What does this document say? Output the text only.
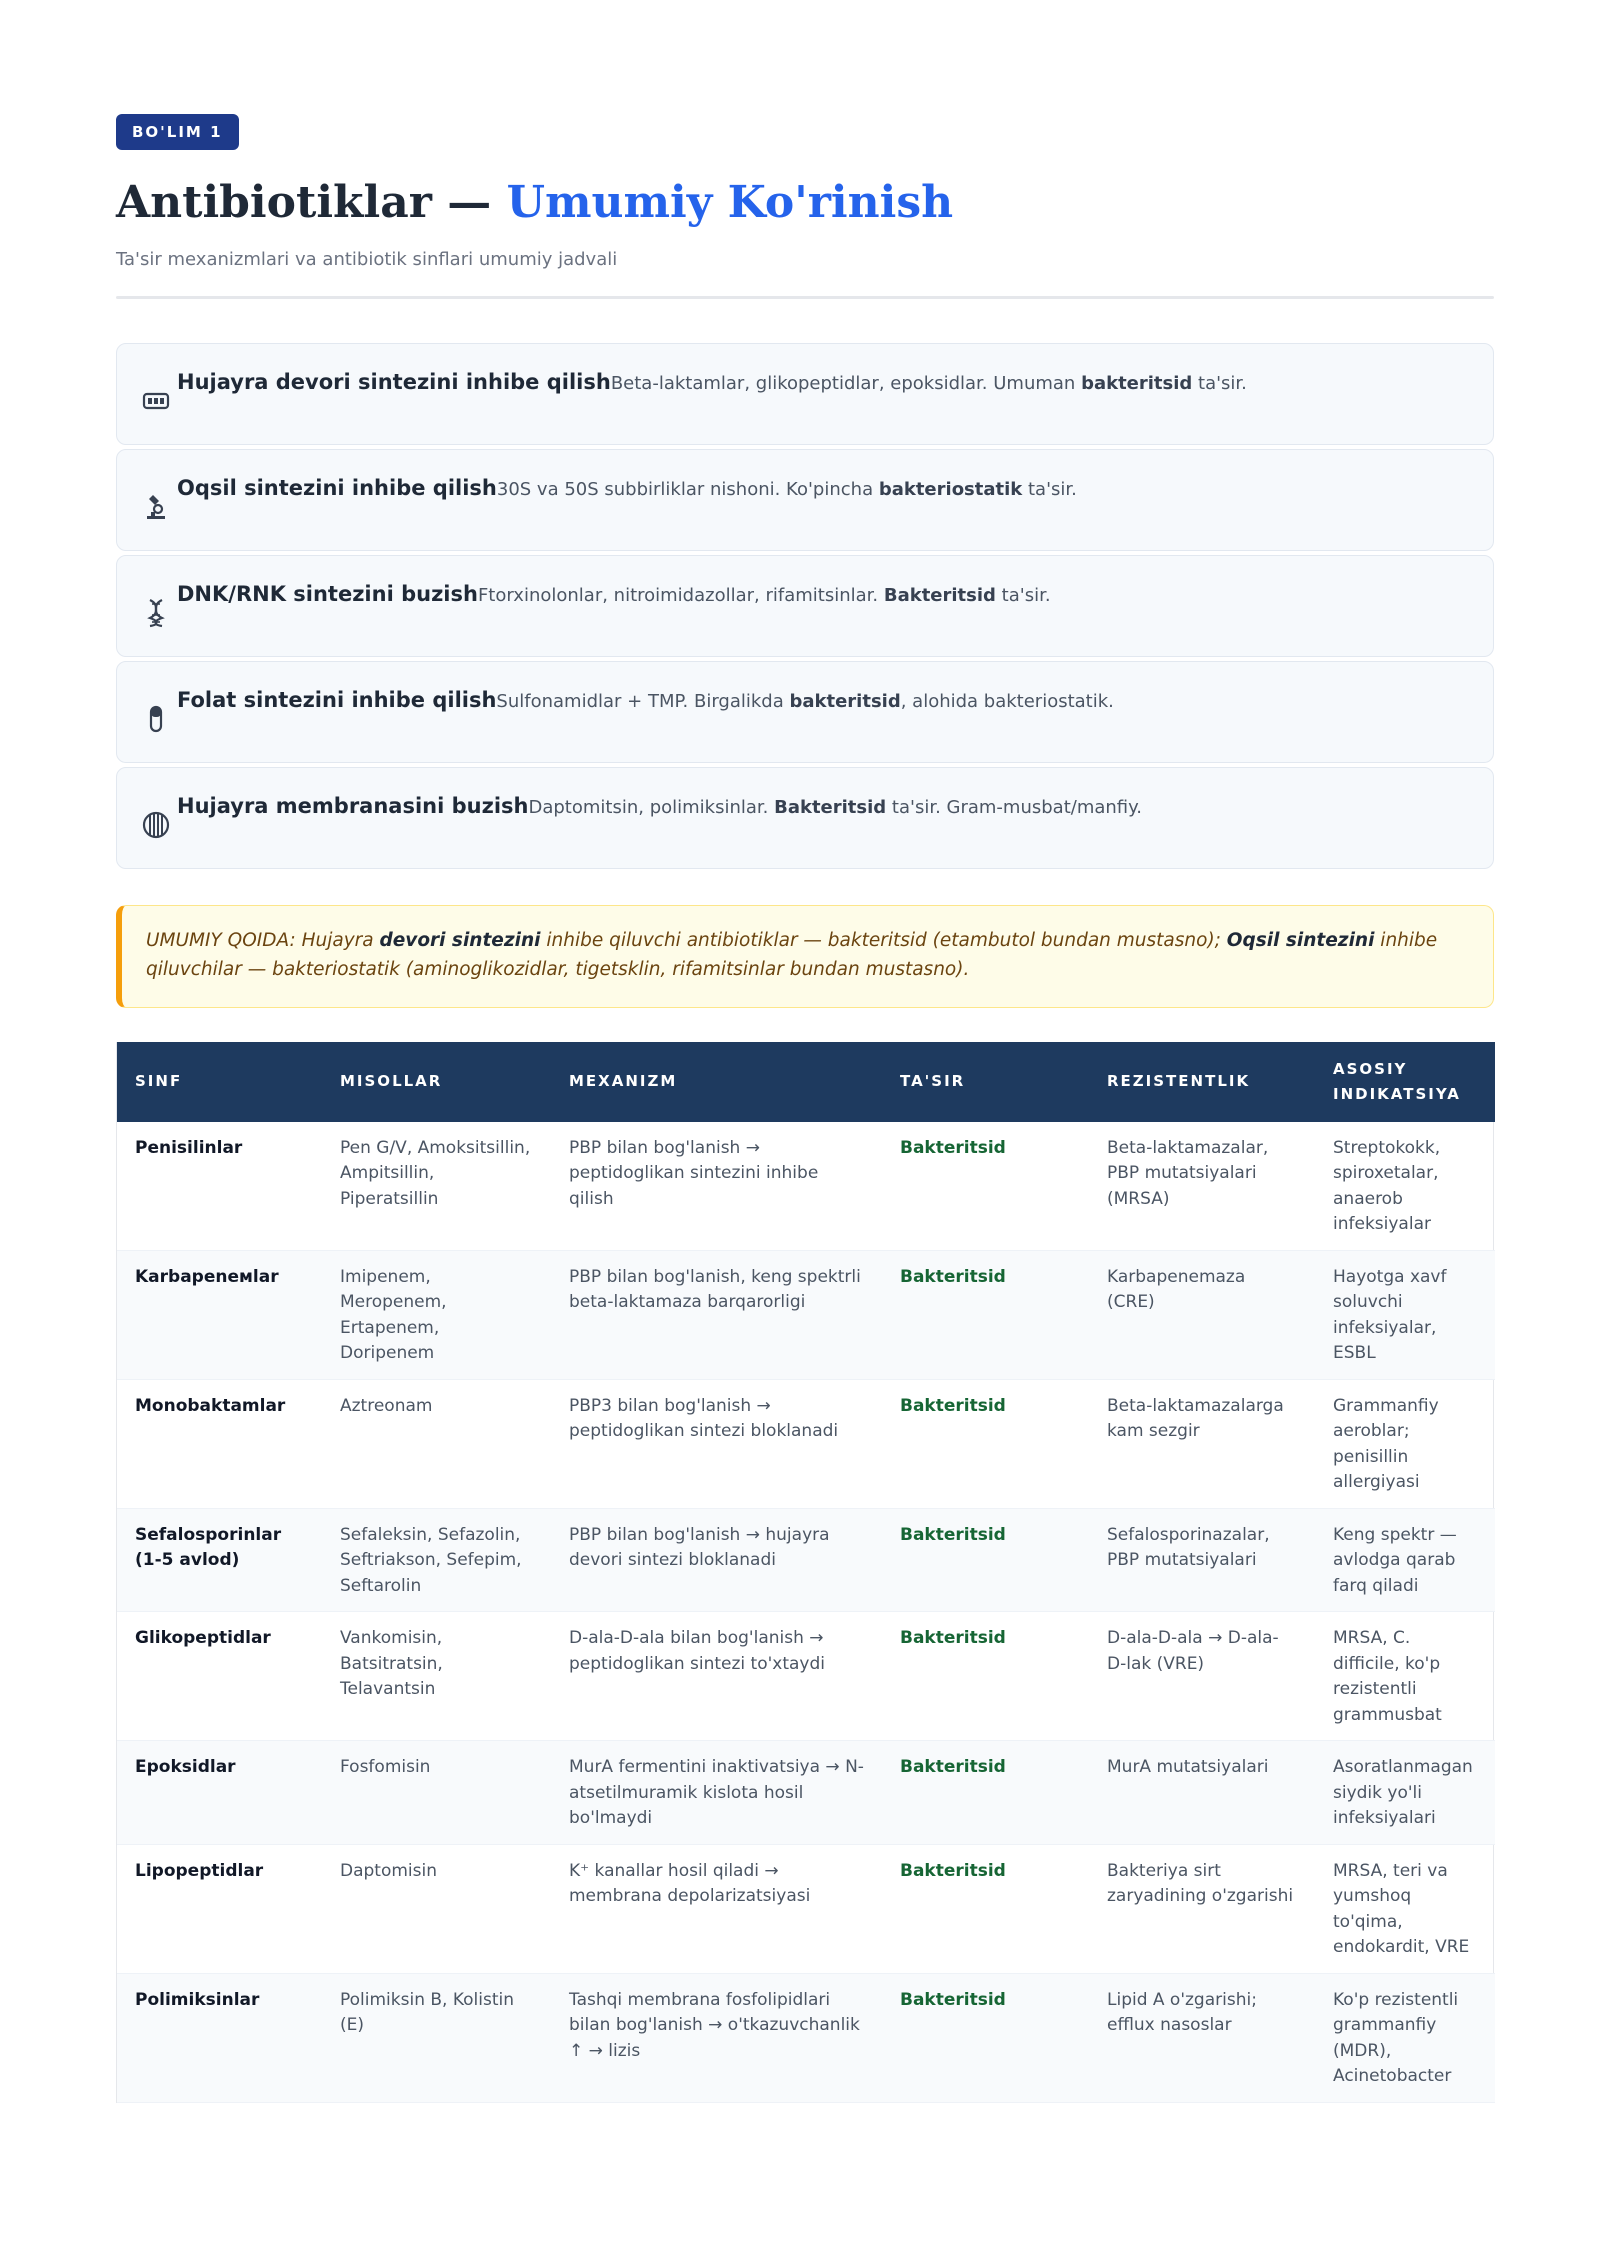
BO'LIM 1
Antibiotiklar — Umumiy Ko'rinish
Ta'sir mexanizmlari va antibiotik sinflari umumiy jadvali
Hujayra devori sintezini inhibe qilishBeta-laktamlar, glikopeptidlar, epoksidlar. Umuman bakteritsid ta'sir.
Oqsil sintezini inhibe qilish30S va 50S subbirliklar nishoni. Ko'pincha bakteriostatik ta'sir.
DNK/RNK sintezini buzishFtorxinolonlar, nitroimidazollar, rifamitsinlar. Bakteritsid ta'sir.
Folat sintezini inhibe qilishSulfonamidlar + TMP. Birgalikda bakteritsid, alohida bakteriostatik.
Hujayra membranasini buzishDaptomitsin, polimiksinlar. Bakteritsid ta'sir. Gram-musbat/manfiy.
UMUMIY QOIDA: Hujayra devori sintezini inhibe qiluvchi antibiotiklar — bakteritsid (etambutol bundan mustasno); Oqsil sintezini inhibe qiluvchilar — bakteriostatik (aminoglikozidlar, tigetsklin, rifamitsinlar bundan mustasno).
SINF	MISOLLAR	MEXANIZM	TA'SIR	REZISTENTLIK	ASOSIY INDIKATSIYA
Penisilinlar	Pen G/V, Amoksitsillin, Ampitsillin, Piperatsillin	PBP bilan bog'lanish → peptidoglikan sintezini inhibe qilish	Bakteritsid	Beta-laktamazalar, PBP mutatsiyalari (MRSA)	Streptokokk, spiroxetalar, anaerob infeksiyalar
Karbapeneмlar	Imipenem, Meropenem, Ertapenem, Doripenem	PBP bilan bog'lanish, keng spektrli beta-laktamaza barqarorligi	Bakteritsid	Karbapenemaza (CRE)	Hayotga xavf soluvchi infeksiyalar, ESBL
Monobaktamlar	Aztreonam	PBP3 bilan bog'lanish → peptidoglikan sintezi bloklanadi	Bakteritsid	Beta-laktamazalarga kam sezgir	Grammanfiy aeroblar; penisillin allergiyasi
Sefalosporinlar (1-5 avlod)	Sefaleksin, Sefazolin, Seftriakson, Sefepim, Seftarolin	PBP bilan bog'lanish → hujayra devori sintezi bloklanadi	Bakteritsid	Sefalosporinazalar, PBP mutatsiyalari	Keng spektr — avlodga qarab farq qiladi
Glikopeptidlar	Vankomisin, Batsitratsin, Telavantsin	D-ala-D-ala bilan bog'lanish → peptidoglikan sintezi to'xtaydi	Bakteritsid	D-ala-D-ala → D-ala-D-lak (VRE)	MRSA, C. difficile, ko'p rezistentli grammusbat
Epoksidlar	Fosfomisin	MurA fermentini inaktivatsiya → N-atsetilmuramik kislota hosil bo'lmaydi	Bakteritsid	MurA mutatsiyalari	Asoratlanmagan siydik yo'li infeksiyalari
Lipopeptidlar	Daptomisin	K⁺ kanallar hosil qiladi → membrana depolarizatsiyasi	Bakteritsid	Bakteriya sirt zaryadining o'zgarishi	MRSA, teri va yumshoq to'qima, endokardit, VRE
Polimiksinlar	Polimiksin B, Kolistin (E)	Tashqi membrana fosfolipidlari bilan bog'lanish → o'tkazuvchanlik ↑ → lizis	Bakteritsid	Lipid A o'zgarishi; efflux nasoslar	Ko'p rezistentli grammanfiy (MDR), Acinetobacter
